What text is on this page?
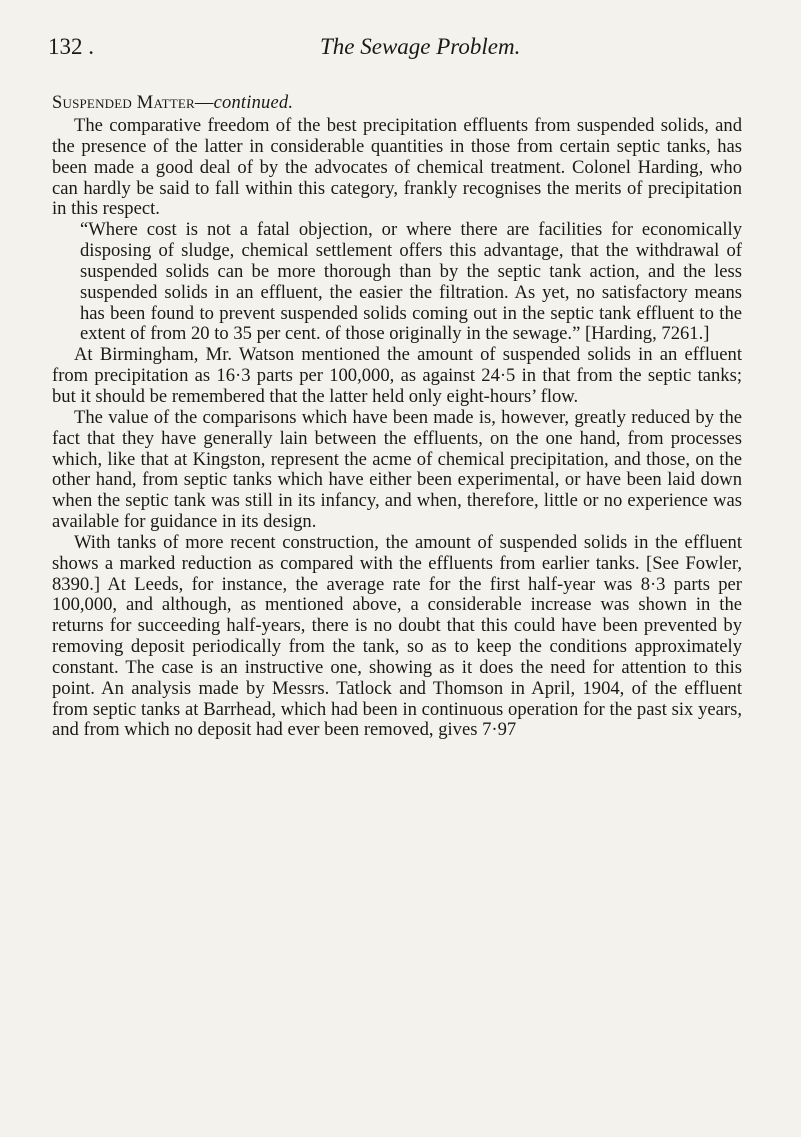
132 .	The Sewage Problem.
Suspended Matter—continued.

The comparative freedom of the best precipitation effluents from suspended solids, and the presence of the latter in considerable quantities in those from certain septic tanks, has been made a good deal of by the advocates of chemical treatment. Colonel Harding, who can hardly be said to fall within this category, frankly recognises the merits of precipitation in this respect.

“Where cost is not a fatal objection, or where there are facilities for economically disposing of sludge, chemical settlement offers this advantage, that the withdrawal of suspended solids can be more thorough than by the septic tank action, and the less suspended solids in an effluent, the easier the filtration. As yet, no satisfactory means has been found to prevent suspended solids coming out in the septic tank effluent to the extent of from 20 to 35 per cent. of those originally in the sewage.” [Harding, 7261.]

At Birmingham, Mr. Watson mentioned the amount of suspended solids in an effluent from precipitation as 16·3 parts per 100,000, as against 24·5 in that from the septic tanks; but it should be remembered that the latter held only eight-hours’ flow.

The value of the comparisons which have been made is, however, greatly reduced by the fact that they have generally lain between the effluents, on the one hand, from processes which, like that at Kingston, represent the acme of chemical precipitation, and those, on the other hand, from septic tanks which have either been experimental, or have been laid down when the septic tank was still in its infancy, and when, therefore, little or no experience was available for guidance in its design.

With tanks of more recent construction, the amount of suspended solids in the effluent shows a marked reduction as compared with the effluents from earlier tanks. [See Fowler, 8390.] At Leeds, for instance, the average rate for the first half-year was 8·3 parts per 100,000, and although, as mentioned above, a considerable increase was shown in the returns for succeeding half-years, there is no doubt that this could have been prevented by removing deposit periodically from the tank, so as to keep the conditions approximately constant. The case is an instructive one, showing as it does the need for attention to this point. An analysis made by Messrs. Tatlock and Thomson in April, 1904, of the effluent from septic tanks at Barrhead, which had been in continuous operation for the past six years, and from which no deposit had ever been removed, gives 7·97
